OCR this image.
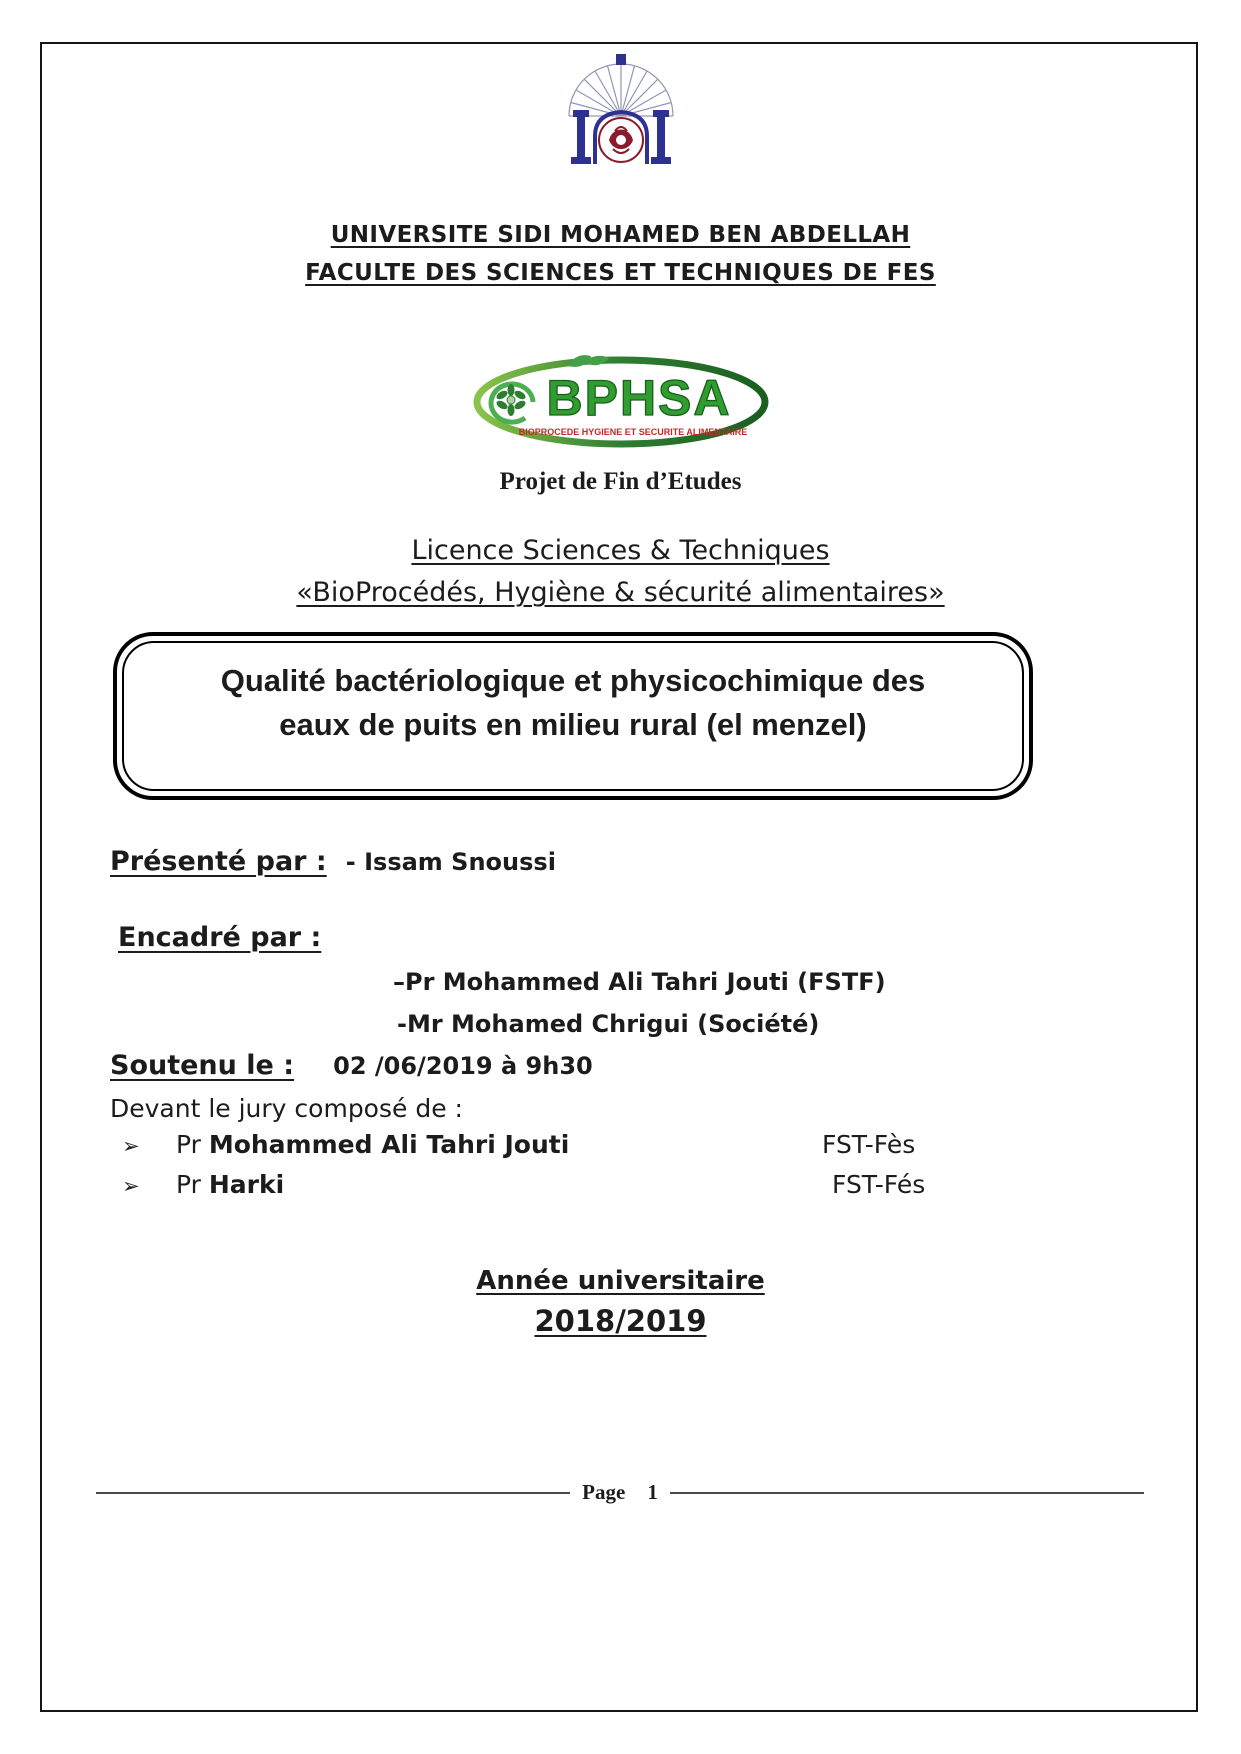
UNIVERSITE SIDI MOHAMED BEN ABDELLAH
FACULTE DES SCIENCES ET TECHNIQUES DE FES
BPHSA
BIOPROCEDE HYGIENE ET SECURITE ALIMENTAIRE
Projet de Fin d’Etudes
Licence Sciences & Techniques
«BioProcédés, Hygiène & sécurité alimentaires»
Qualité bactériologique et physicochimique des
eaux de puits en milieu rural (el menzel)
Présenté par : - Issam Snoussi
Encadré par :
–Pr Mohammed Ali Tahri Jouti (FSTF)
-Mr Mohamed Chrigui (Société)
Soutenu le : 02 /06/2019 à 9h30
Devant le jury composé de :
➢ Pr Mohammed Ali Tahri Jouti	FST-Fès
➢ Pr Harki	FST-Fés
Année universitaire
2018/2019
Page 1
